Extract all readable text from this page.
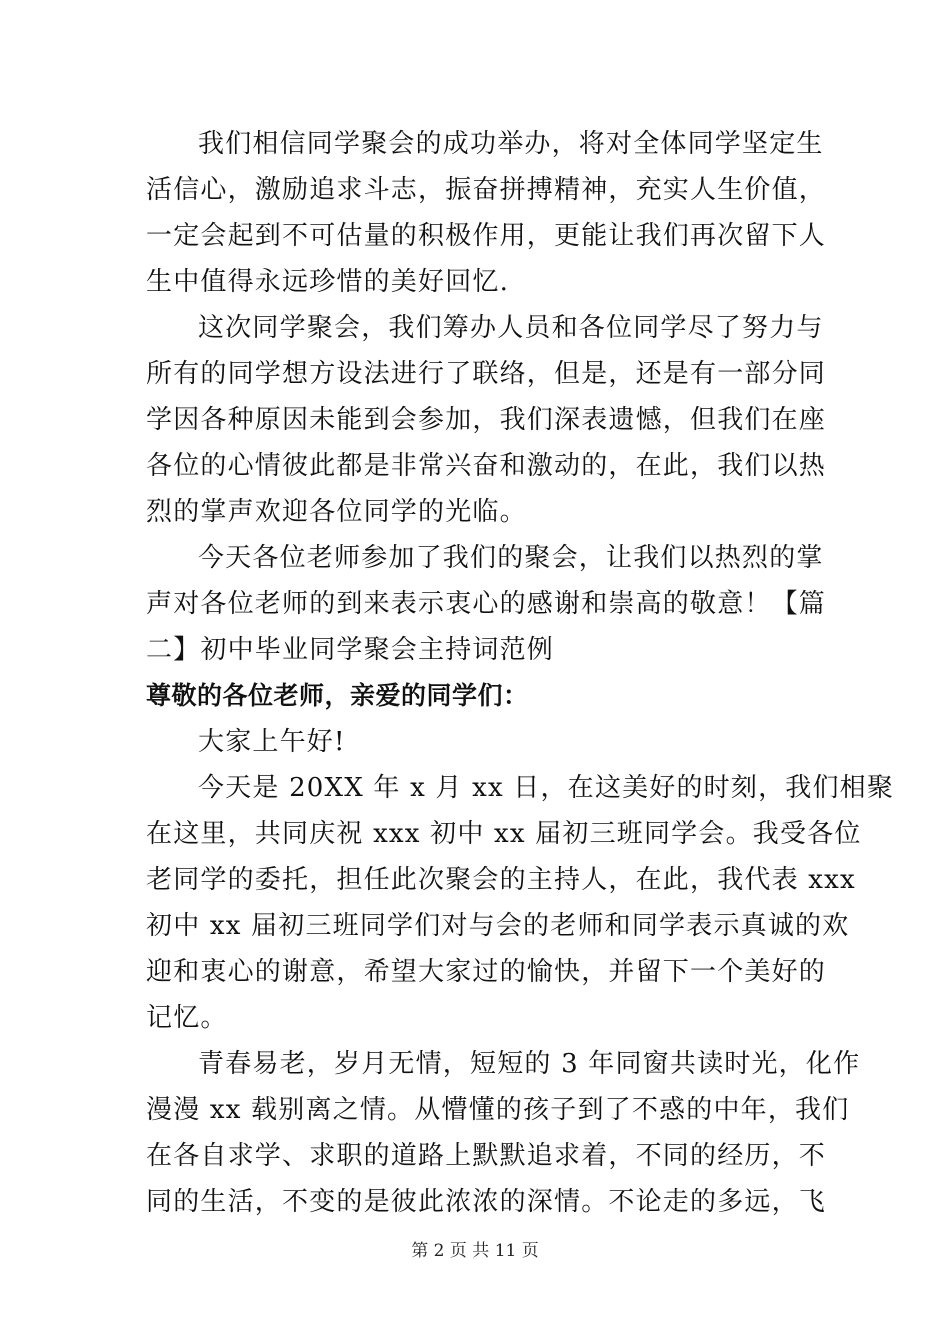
我们相信同学聚会的成功举办，将对全体同学坚定生
活信心，激励追求斗志，振奋拼搏精神，充实人生价值，
一定会起到不可估量的积极作用，更能让我们再次留下人
生中值得永远珍惜的美好回忆.
这次同学聚会，我们筹办人员和各位同学尽了努力与
所有的同学想方设法进行了联络，但是，还是有一部分同
学因各种原因未能到会参加，我们深表遗憾，但我们在座
各位的心情彼此都是非常兴奋和激动的，在此，我们以热
烈的掌声欢迎各位同学的光临。
今天各位老师参加了我们的聚会，让我们以热烈的掌
声对各位老师的到来表示衷心的感谢和崇高的敬意！【篇
二】初中毕业同学聚会主持词范例
尊敬的各位老师，亲爱的同学们：
大家上午好!
今天是 20XX 年 x 月 xx 日，在这美好的时刻，我们相聚
在这里，共同庆祝 xxx 初中 xx 届初三班同学会。我受各位
老同学的委托，担任此次聚会的主持人，在此，我代表 xxx
初中 xx 届初三班同学们对与会的老师和同学表示真诚的欢
迎和衷心的谢意，希望大家过的愉快，并留下一个美好的
记忆。
青春易老，岁月无情，短短的 3 年同窗共读时光，化作
漫漫 xx 载别离之情。从懵懂的孩子到了不惑的中年，我们
在各自求学、求职的道路上默默追求着，不同的经历，不
同的生活，不变的是彼此浓浓的深情。不论走的多远，飞
第 2 页 共 11 页
